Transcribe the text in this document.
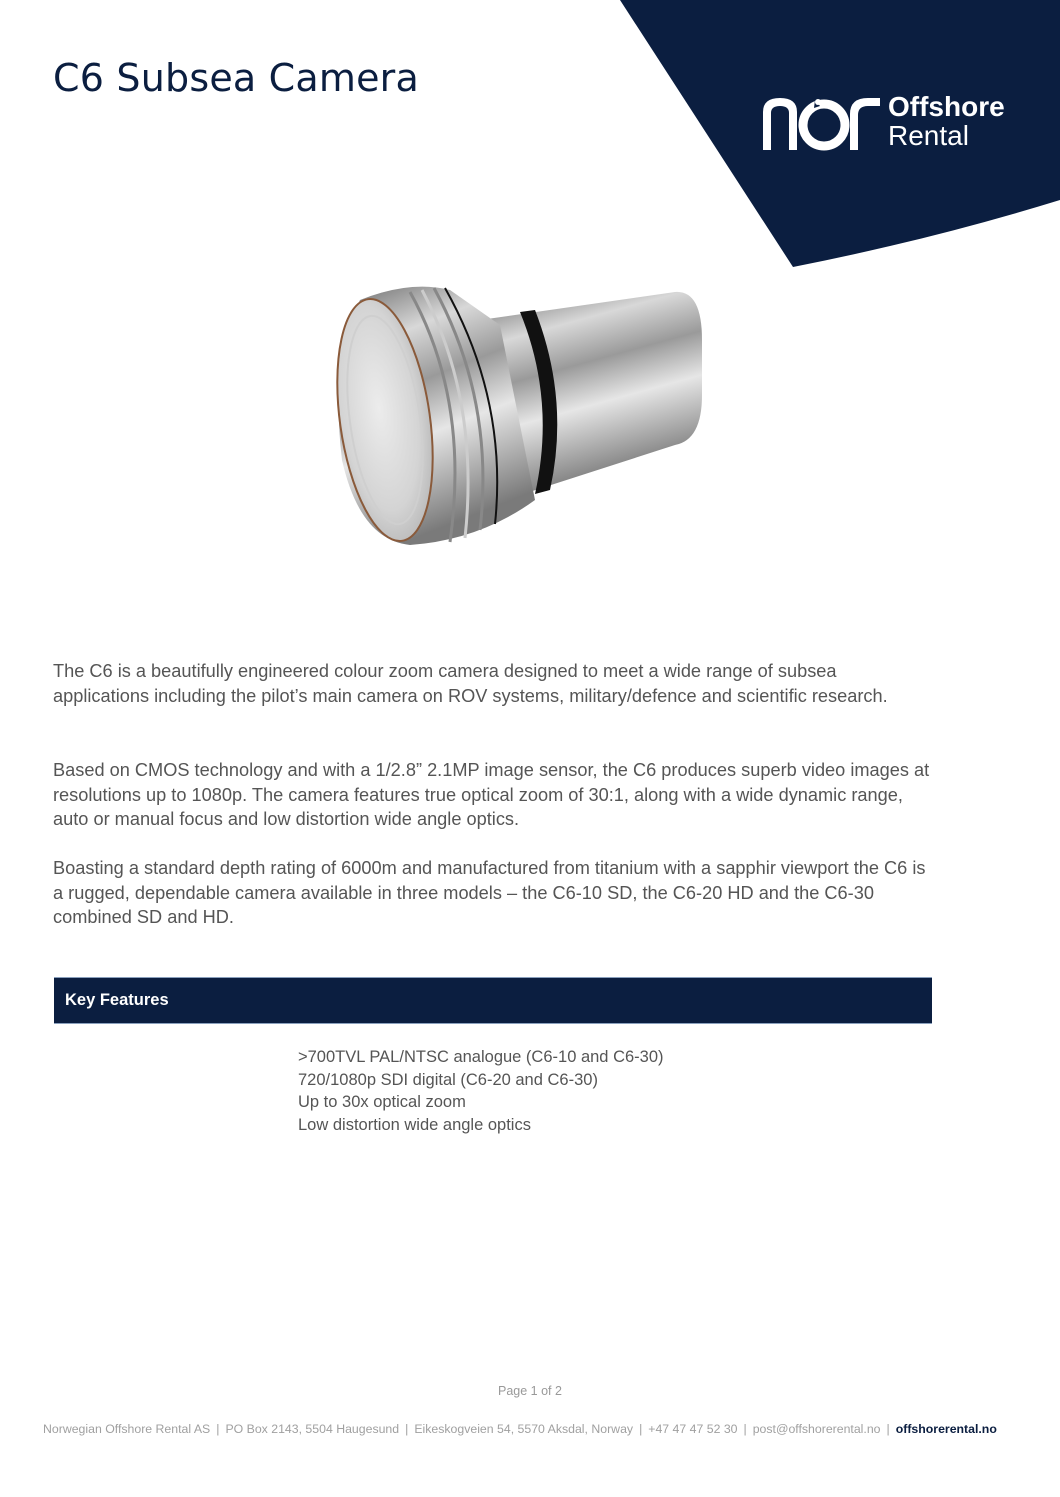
C6 Subsea Camera
Offshore
Rental

The C6 is a beautifully engineered colour zoom camera designed to meet a wide range of subsea applications including the pilot’s main camera on ROV systems, military/defence and scientific research.

Based on CMOS technology and with a 1/2.8” 2.1MP image sensor, the C6 produces superb video images at resolutions up to 1080p. The camera features true optical zoom of 30:1, along with a wide dynamic range, auto or manual focus and low distortion wide angle optics.

Boasting a standard depth rating of 6000m and manufactured from titanium with a sapphir viewport the C6 is a rugged, dependable camera available in three models – the C6-10 SD, the C6-20 HD and the C6-30 combined SD and HD.

Key Features
>700TVL PAL/NTSC analogue (C6-10 and C6-30)
720/1080p SDI digital (C6-20 and C6-30)
Up to 30x optical zoom
Low distortion wide angle optics
Page 1 of 2
Norwegian Offshore Rental AS | PO Box 2143, 5504 Haugesund | Eikeskogveien 54, 5570 Aksdal, Norway | +47 47 47 52 30 | post@offshorerental.no | offshorerental.no
